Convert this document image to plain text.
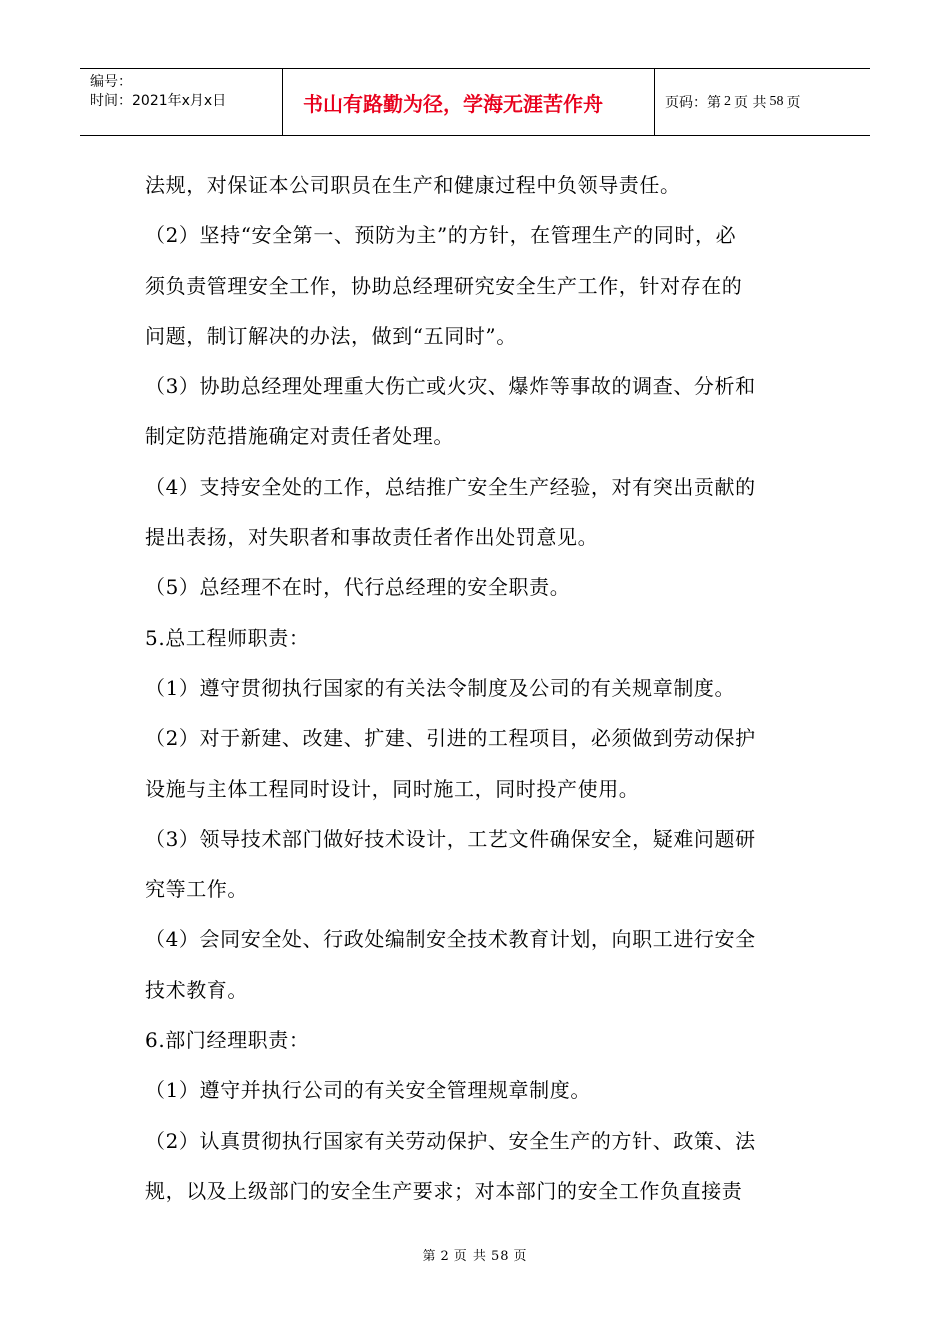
编号：
时间：2021年x月x日	书山有路勤为径，学海无涯苦作舟	页码：第 2 页 共 58 页

法规，对保证本公司职员在生产和健康过程中负领导责任。

（2）坚持“安全第一、预防为主”的方针，在管理生产的同时，必

须负责管理安全工作，协助总经理研究安全生产工作，针对存在的

问题，制订解决的办法，做到“五同时”。

（3）协助总经理处理重大伤亡或火灾、爆炸等事故的调查、分析和

制定防范措施确定对责任者处理。

（4）支持安全处的工作，总结推广安全生产经验，对有突出贡献的

提出表扬，对失职者和事故责任者作出处罚意见。

（5）总经理不在时，代行总经理的安全职责。

5.总工程师职责：

（1）遵守贯彻执行国家的有关法令制度及公司的有关规章制度。

（2）对于新建、改建、扩建、引进的工程项目，必须做到劳动保护

设施与主体工程同时设计，同时施工，同时投产使用。

（3）领导技术部门做好技术设计，工艺文件确保安全，疑难问题研

究等工作。

（4）会同安全处、行政处编制安全技术教育计划，向职工进行安全

技术教育。

6.部门经理职责：

（1）遵守并执行公司的有关安全管理规章制度。

（2）认真贯彻执行国家有关劳动保护、安全生产的方针、政策、法

规，以及上级部门的安全生产要求；对本部门的安全工作负直接责

第 2 页 共 58 页
